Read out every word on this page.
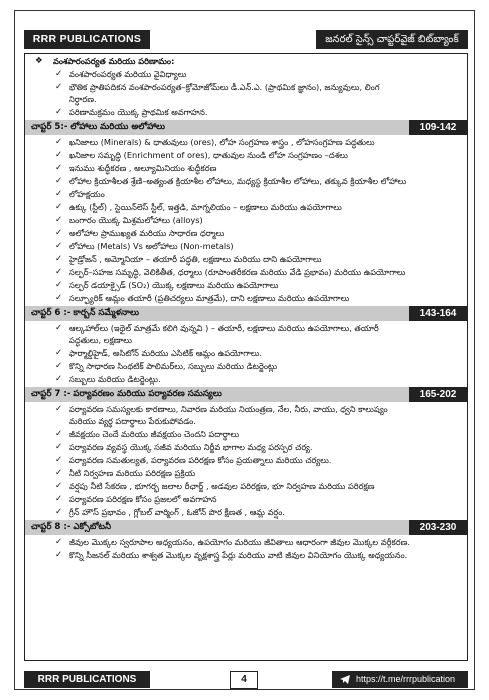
RRR PUBLICATIONS	జనరల్ సైన్స్ చాప్టర్‌వైజ్ బిట్‌బ్యాంక్
❖ వంశపారంపర్యత మరియు పరిణామం:
✓ వంశపారంపర్యత మరియు వైవిధ్యాలు
✓ భౌతిక ప్రాతిపదికన వంశపారంపర్యత–క్రోమోజోమ్‌లు డీ.ఎన్.ఎ. (ప్రాథమిక జ్ఞానం), జన్యువులు, లింగ
నిర్ధారణ.
✓ పరిణామక్రమం యొక్క ప్రాథమిక అవగాహన.
చాప్టర్ 5:- లోహాలు మరియు అలోహాలు	109-142
✓ ఖనిజాలు (Minerals) & ధాతువులు (ores), లోహ సంగ్రహణ శాస్త్రం , లోహసంగ్రహణ పద్ధతులు
✓ ఖనిజాల సమృద్ధి (Enrichment of ores), ధాతువుల నుండి లోహ సంగ్రహణం –దశలు
✓ ఇనుము శుద్ధీకరణ , అల్యూమినియం శుద్ధీకరణ
✓ లోహాల క్రియాశీలత శ్రేణి–అత్యంత క్రియాశీల లోహాలు, మధ్యస్థ క్రియాశీల లోహాలు, తక్కువ క్రియాశీల లోహాలు
✓ లోహక్షయం
✓ ఉక్కు (స్టీల్) , స్టెయిన్‌లెస్ స్టీల్, ఇత్తడి, మాగ్నలియం – లక్షణాలు మరియు ఉపయోగాలు
✓ బంగారం యొక్క మిశ్రమలోహాలు (alloys)
✓ అలోహాల ప్రాముఖ్యత మరియు సాధారణ ధర్మాలు
✓ లోహాలు (Metals) Vs అలోహాలు (Non-metals)
✓ హైడ్రోజన్ , అమ్మోనియా – తయారీ పద్ధతి, లక్షణాలు మరియు దాని ఉపయోగాలు
✓ సల్ఫర్–సహజ సమృద్ధి, వెలికితీత, ధర్మాలు (రూపాంతరీకరణ మరియు వేడి ప్రభావం) మరియు ఉపయోగాలు
✓ సల్ఫర్ డయాక్సైడ్ (SO₂) యొక్క లక్షణాలు మరియు ఉపయోగాలు
✓ సల్ఫ్యూరిక్ ఆమ్లం తయారీ (ప్రతిచర్యలు మాత్రమే), దాని లక్షణాలు మరియు ఉపయోగాలు
చాప్టర్ 6 :- కార్బన్ సమ్మేళనాలు	143-164
✓ ఆల్కహాల్‌లు (ఇథైల్ మాత్రమే కలిగి వున్నవి ) – తయారీ, లక్షణాలు మరియు ఉపయోగాలు, తయారీ
పద్ధతులు, లక్షణాలు
✓ ఫార్మాల్డిహైడ్, అసిటోన్ మరియు ఎసిటిక్ ఆమ్లం ఉపయోగాలు.
✓ కొన్ని సాధారణ సింథటిక్ పాలిమర్‌లు, సబ్బులు మరియు డిటర్జెంట్లు
✓ సబ్బులు మరియు డిటర్జెంట్లు.
చాప్టర్ 7 :- పర్యావరణం మరియు పర్యావరణ సమస్యలు	165-202
✓ పర్యావరణ సమస్యలకు కారణాలు, నివారణ మరియు నియంత్రణ, నేల, నీరు, వాయు, ధ్వని కాలుష్యం
మరియు వ్యర్థ పదార్థాలు పేరుకుపోవడం.
✓ జీవక్షయం చెందే మరియు జీవక్షయం చెందని పదార్థాలు
✓ పర్యావరణ వ్యవస్థ యొక్క సజీవ మరియు నిర్జీవ భాగాల మధ్య పరస్పర చర్య.
✓ పర్యావరణ సమతుల్యత, పర్యావరణ పరిరక్షణ కోసం ప్రయత్నాలు మరియు చర్యలు.
✓ నీటి నిర్వహణ మరియు పరిరక్షణ ప్రక్రియ
✓ వర్షపు నీటి సేకరణ , భూగర్భ జలాల రీఛార్జ్ , అడవుల పరిరక్షణ, భూ నిర్వహణ మరియు పరిరక్షణ
✓ పర్యావరణ పరిరక్షణ కోసం ప్రజలలో అవగాహన
✓ గ్రీన్ హౌస్ ప్రభావం , గ్లోబల్ వార్మింగ్ , ఓజోన్ పొర క్షీణత , ఆమ్ల వర్షం.
చాప్టర్ 8 :- ఎక్సోబోటనీ	203-230
✓ జీవుల మొక్కల స్వరూపాల అధ్యయనం, ఉపయోగం మరియు జీవితాలు ఆధారంగా జీవుల మొక్కల వర్గీకరణ.
✓ కొన్ని సీజనల్ మరియు శాశ్వత మొక్కల వృక్షశాస్త్ర పేర్లు మరియు వాటి జీవుల వినియోగం యొక్క అధ్యయనం.
RRR PUBLICATIONS	4	https://t.me/rrrpublication
